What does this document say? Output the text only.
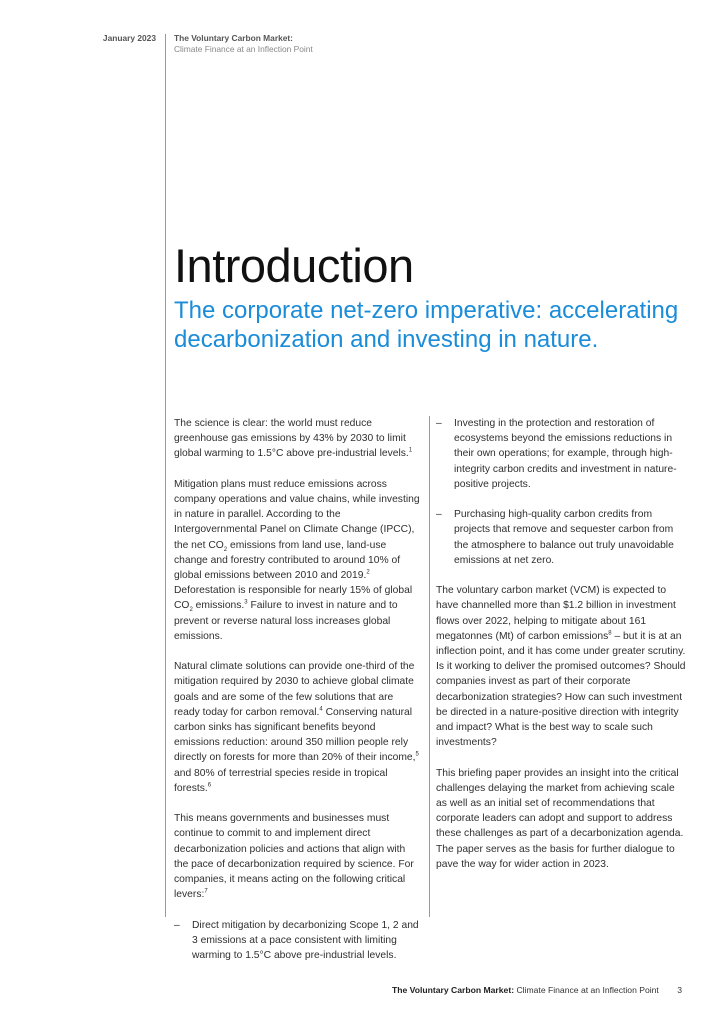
January 2023 The Voluntary Carbon Market:
Climate Finance at an Inflection Point
Introduction
The corporate net-zero imperative: accelerating decarbonization and investing in nature.

The science is clear: the world must reduce greenhouse gas emissions by 43% by 2030 to limit global warming to 1.5°C above pre-industrial levels.$^1$

Mitigation plans must reduce emissions across company operations and value chains, while investing in nature in parallel. According to the Intergovernmental Panel on Climate Change (IPCC), the net $CO_2$ emissions from land use, land-use change and forestry contributed to around 10% of global emissions between 2010 and 2019.$^2$ Deforestation is responsible for nearly 15% of global $CO_2$ emissions.$^3$ Failure to invest in nature and to prevent or reverse natural loss increases global emissions.

Natural climate solutions can provide one-third of the mitigation required by 2030 to achieve global climate goals and are some of the few solutions that are ready today for carbon removal.$^4$ Conserving natural carbon sinks has significant benefits beyond emissions reduction: around 350 million people rely directly on forests for more than 20% of their income,$^5$ and 80% of terrestrial species reside in tropical forests.$^6$

This means governments and businesses must continue to commit to and implement direct decarbonization policies and actions that align with the pace of decarbonization required by science. For companies, it means acting on the following critical levers:$^7$

– Direct mitigation by decarbonizing Scope 1, 2 and 3 emissions at a pace consistent with limiting warming to 1.5°C above pre-industrial levels.
– Investing in the protection and restoration of ecosystems beyond the emissions reductions in their own operations; for example, through high-integrity carbon credits and investment in nature-positive projects.
– Purchasing high-quality carbon credits from projects that remove and sequester carbon from the atmosphere to balance out truly unavoidable emissions at net zero.

The voluntary carbon market (VCM) is expected to have channelled more than $1.2 billion in investment flows over 2022, helping to mitigate about 161 megatonnes (Mt) of carbon emissions$^8$ – but it is at an inflection point, and it has come under greater scrutiny. Is it working to deliver the promised outcomes? Should companies invest as part of their corporate decarbonization strategies? How can such investment be directed in a nature-positive direction with integrity and impact? What is the best way to scale such investments?

This briefing paper provides an insight into the critical challenges delaying the market from achieving scale as well as an initial set of recommendations that corporate leaders can adopt and support to address these challenges as part of a decarbonization agenda. The paper serves as the basis for further dialogue to pave the way for wider action in 2023.

The Voluntary Carbon Market: Climate Finance at an Inflection Point 3
